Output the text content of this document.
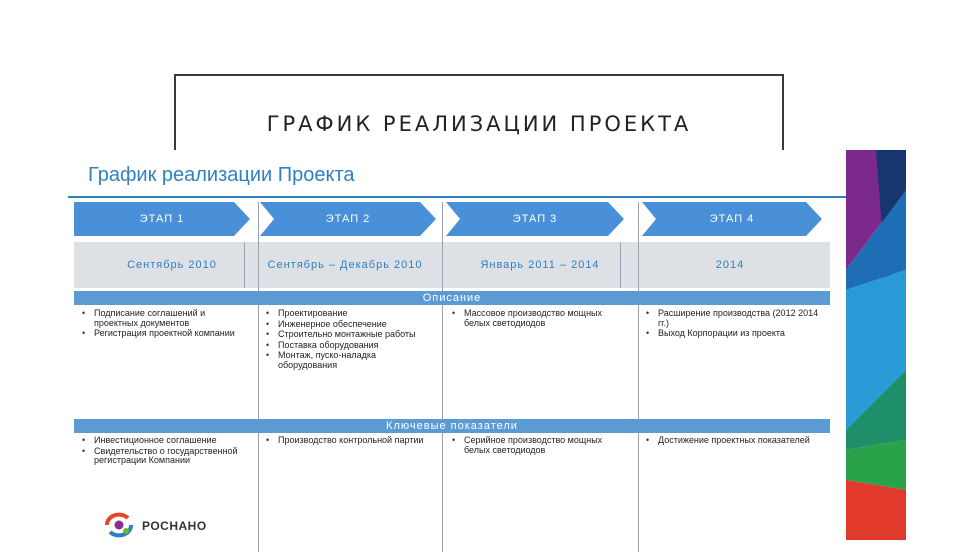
ГРАФИК РЕАЛИЗАЦИИ ПРОЕКТА
График реализации Проекта
ЭТАП 1	ЭТАП 2	ЭТАП 3	ЭТАП 4
Сентябрь 2010	Сентябрь – Декабрь 2010	Январь 2011 – 2014	2014
Описание
• Подписание соглашений и проектных документов
• Регистрация проектной компании
• Проектирование
• Инженерное обеспечение
• Строительно монтажные работы
• Поставка оборудования
• Монтаж, пуско-наладка оборудования
• Массовое производство мощных белых светодиодов
• Расширение производства (2012 2014 гг.)
• Выход Корпорации из проекта
Ключевые показатели
• Инвестиционное соглашение
• Свидетельство о государственной регистрации Компании
• Производство контрольной партии
•	Серийное производство мощных белых светодиодов
• Достижение проектных показателей
РОСНАНО
